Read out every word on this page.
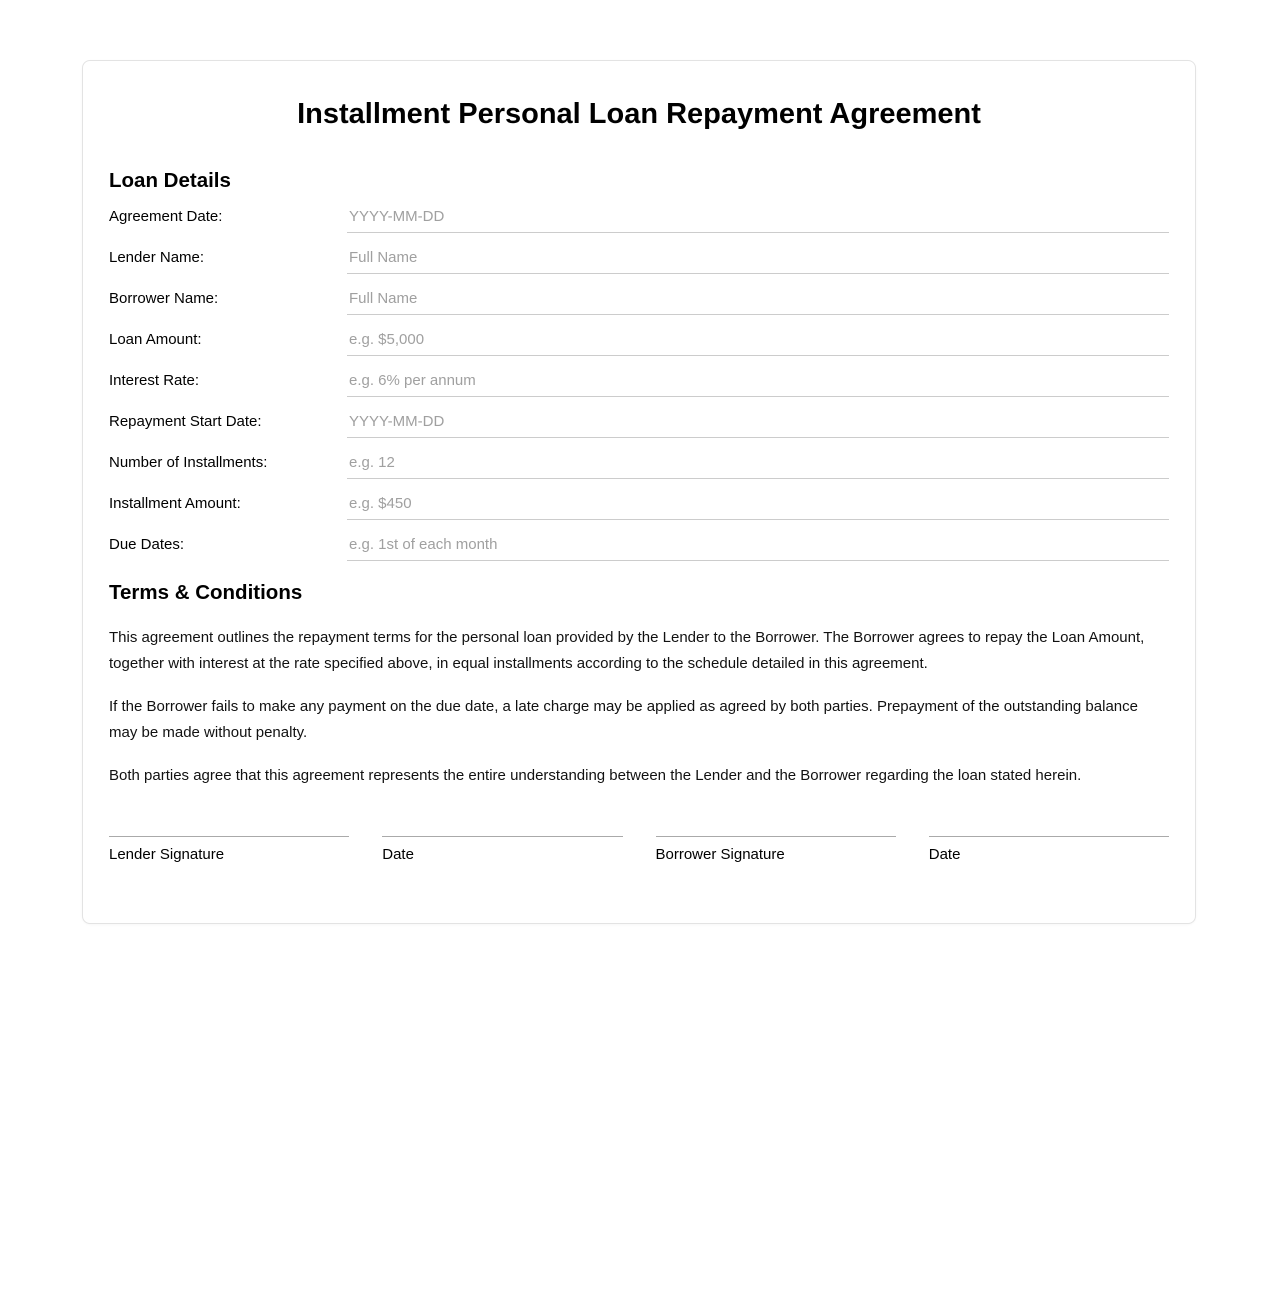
Installment Personal Loan Repayment Agreement
Loan Details
Agreement Date:
YYYY-MM-DD
Lender Name:
Full Name
Borrower Name:
Full Name
Loan Amount:
e.g. $5,000
Interest Rate:
e.g. 6% per annum
Repayment Start Date:
YYYY-MM-DD
Number of Installments:
e.g. 12
Installment Amount:
e.g. $450
Due Dates:
e.g. 1st of each month
Terms & Conditions

This agreement outlines the repayment terms for the personal loan provided by the Lender to the Borrower. The Borrower agrees to repay the Loan Amount, together with interest at the rate specified above, in equal installments according to the schedule detailed in this agreement.

If the Borrower fails to make any payment on the due date, a late charge may be applied as agreed by both parties. Prepayment of the outstanding balance may be made without penalty.

Both parties agree that this agreement represents the entire understanding between the Lender and the Borrower regarding the loan stated herein.

Lender Signature	Date	Borrower Signature	Date
